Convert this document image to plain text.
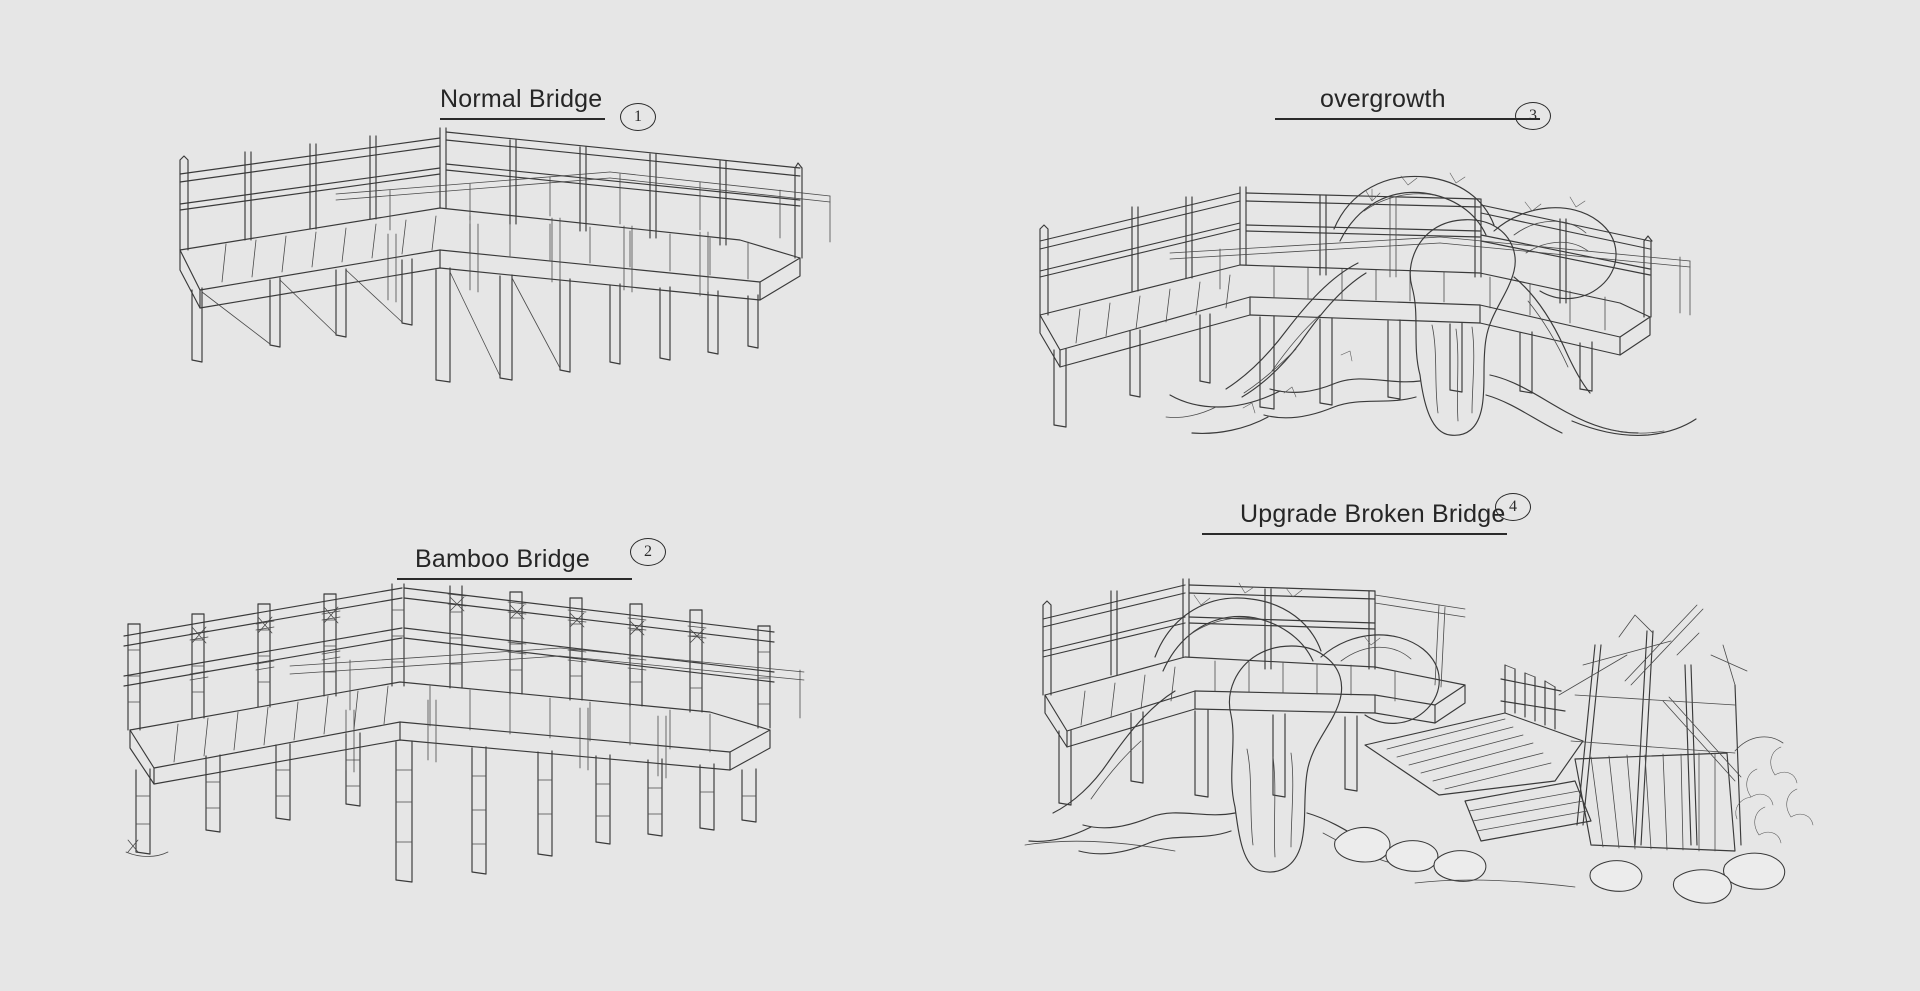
Normal Bridge
1
overgrowth
3
Bamboo Bridge	2
Upgrade Broken Bridge 4
